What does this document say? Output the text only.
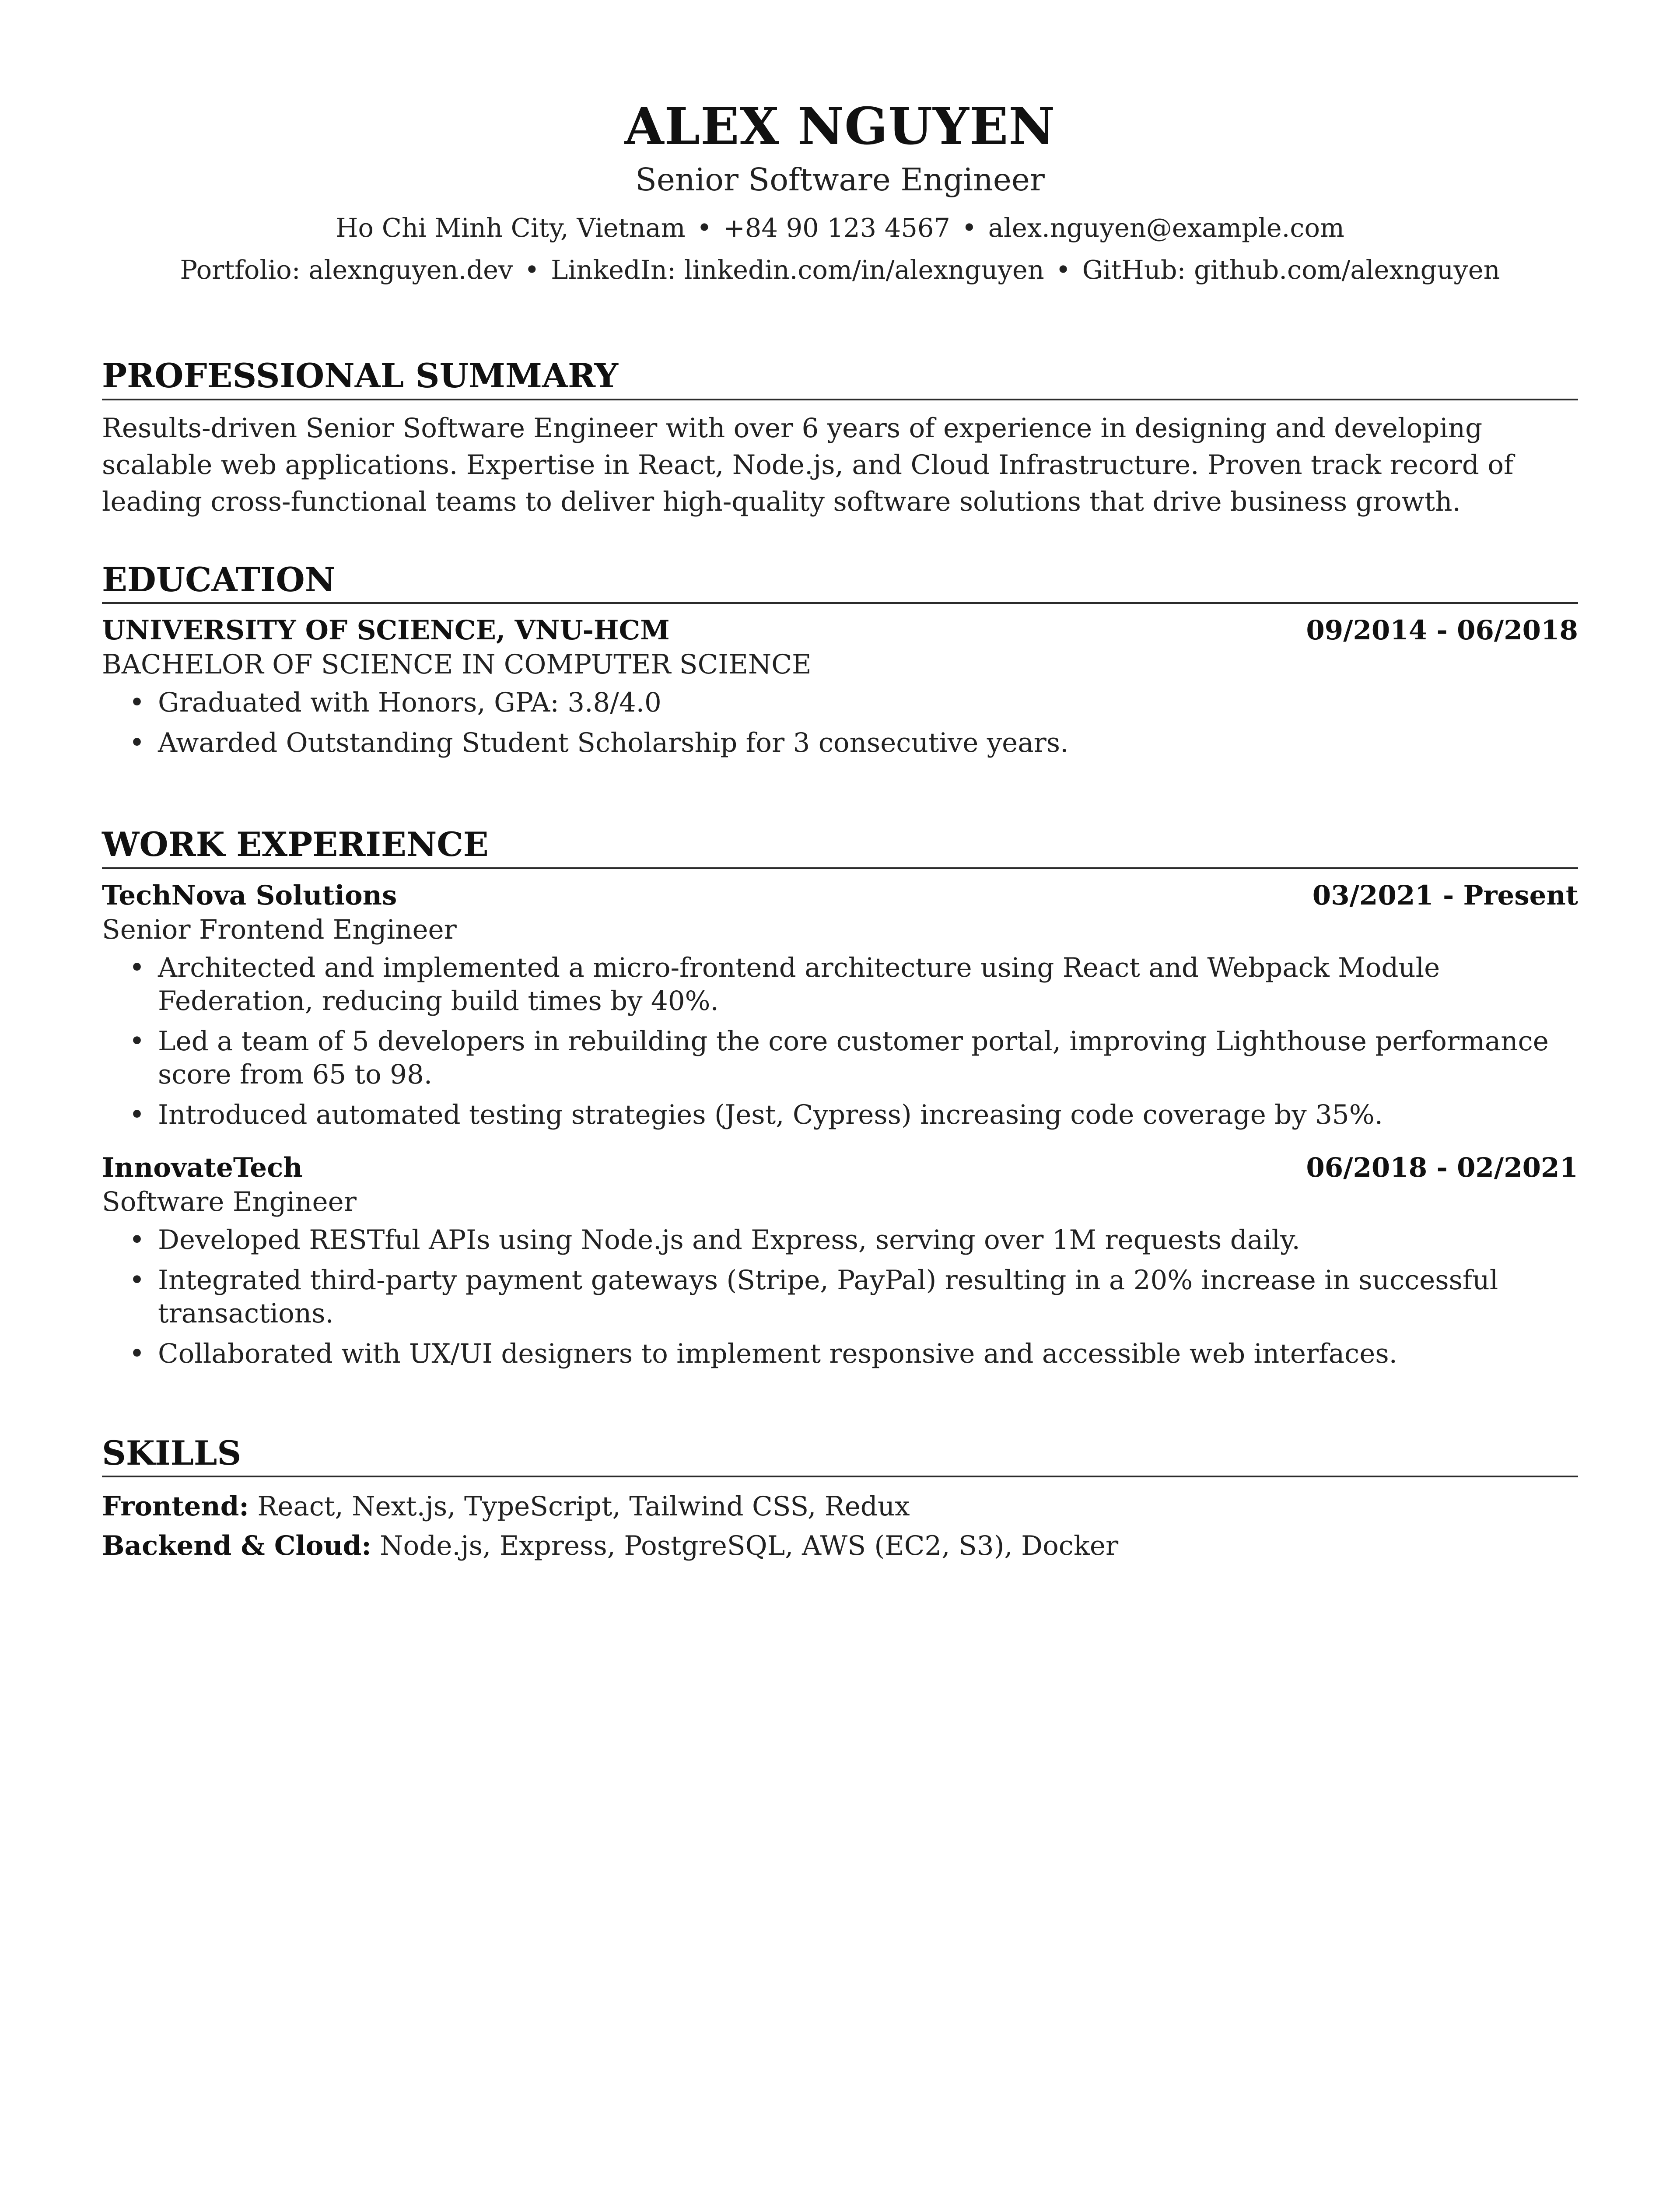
ALEX NGUYEN
Senior Software Engineer
Ho Chi Minh City, Vietnam • +84 90 123 4567 • alex.nguyen@example.com
Portfolio: alexnguyen.dev • LinkedIn: linkedin.com/in/alexnguyen • GitHub: github.com/alexnguyen
PROFESSIONAL SUMMARY

Results-driven Senior Software Engineer with over 6 years of experience in designing and developing scalable web applications. Expertise in React, Node.js, and Cloud Infrastructure. Proven track record of leading cross-functional teams to deliver high-quality software solutions that drive business growth.

EDUCATION
UNIVERSITY OF SCIENCE, VNU-HCM	09/2014 - 06/2018
BACHELOR OF SCIENCE IN COMPUTER SCIENCE
• Graduated with Honors, GPA: 3.8/4.0
• Awarded Outstanding Student Scholarship for 3 consecutive years.
WORK EXPERIENCE
TechNova Solutions	03/2021 - Present
Senior Frontend Engineer
• Architected and implemented a micro-frontend architecture using React and Webpack Module Federation, reducing build times by 40%.
• Led a team of 5 developers in rebuilding the core customer portal, improving Lighthouse performance score from 65 to 98.
• Introduced automated testing strategies (Jest, Cypress) increasing code coverage by 35%.
InnovateTech	06/2018 - 02/2021
Software Engineer
• Developed RESTful APIs using Node.js and Express, serving over 1M requests daily.
• Integrated third-party payment gateways (Stripe, PayPal) resulting in a 20% increase in successful transactions.
• Collaborated with UX/UI designers to implement responsive and accessible web interfaces.
SKILLS
Frontend: React, Next.js, TypeScript, Tailwind CSS, Redux
Backend & Cloud: Node.js, Express, PostgreSQL, AWS (EC2, S3), Docker
